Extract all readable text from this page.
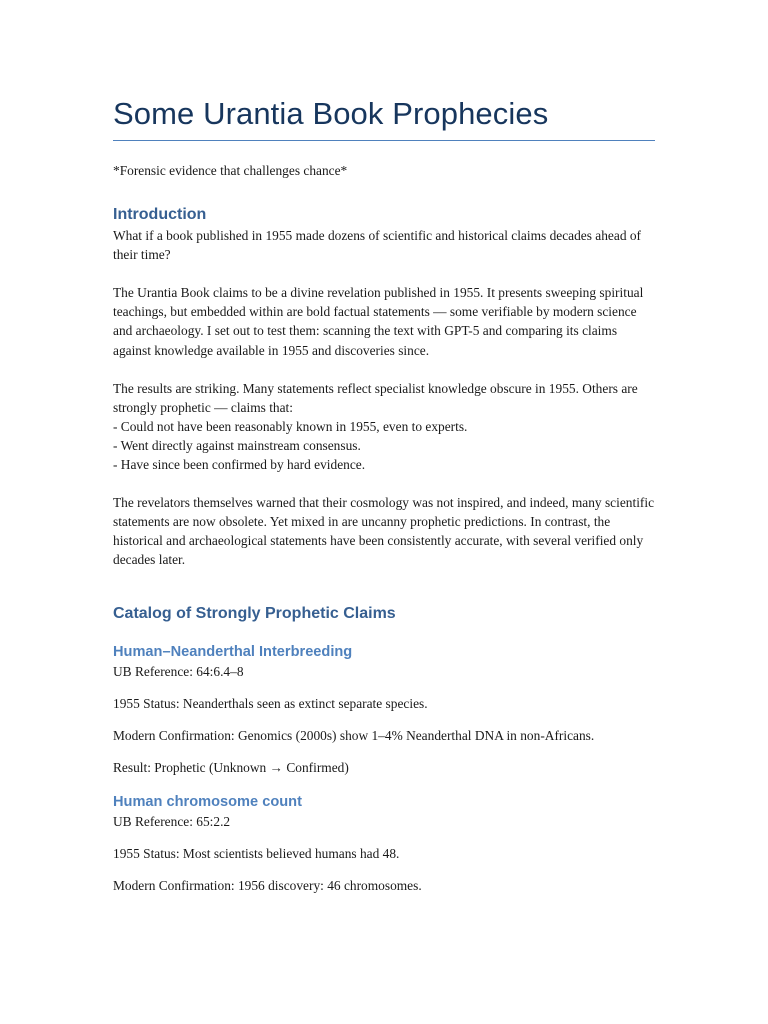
Some Urantia Book Prophecies

*Forensic evidence that challenges chance*

Introduction

What if a book published in 1955 made dozens of scientific and historical claims decades ahead of their time?

The Urantia Book claims to be a divine revelation published in 1955. It presents sweeping spiritual teachings, but embedded within are bold factual statements — some verifiable by modern science and archaeology. I set out to test them: scanning the text with GPT-5 and comparing its claims against knowledge available in 1955 and discoveries since.

The results are striking. Many statements reflect specialist knowledge obscure in 1955. Others are strongly prophetic — claims that:
- Could not have been reasonably known in 1955, even to experts.
- Went directly against mainstream consensus.
- Have since been confirmed by hard evidence.

The revelators themselves warned that their cosmology was not inspired, and indeed, many scientific statements are now obsolete. Yet mixed in are uncanny prophetic predictions. In contrast, the historical and archaeological statements have been consistently accurate, with several verified only decades later.

Catalog of Strongly Prophetic Claims
Human–Neanderthal Interbreeding

UB Reference: 64:6.4–8

1955 Status: Neanderthals seen as extinct separate species.

Modern Confirmation: Genomics (2000s) show 1–4% Neanderthal DNA in non-Africans.

Result: Prophetic (Unknown → Confirmed)

Human chromosome count

UB Reference: 65:2.2

1955 Status: Most scientists believed humans had 48.

Modern Confirmation: 1956 discovery: 46 chromosomes.
